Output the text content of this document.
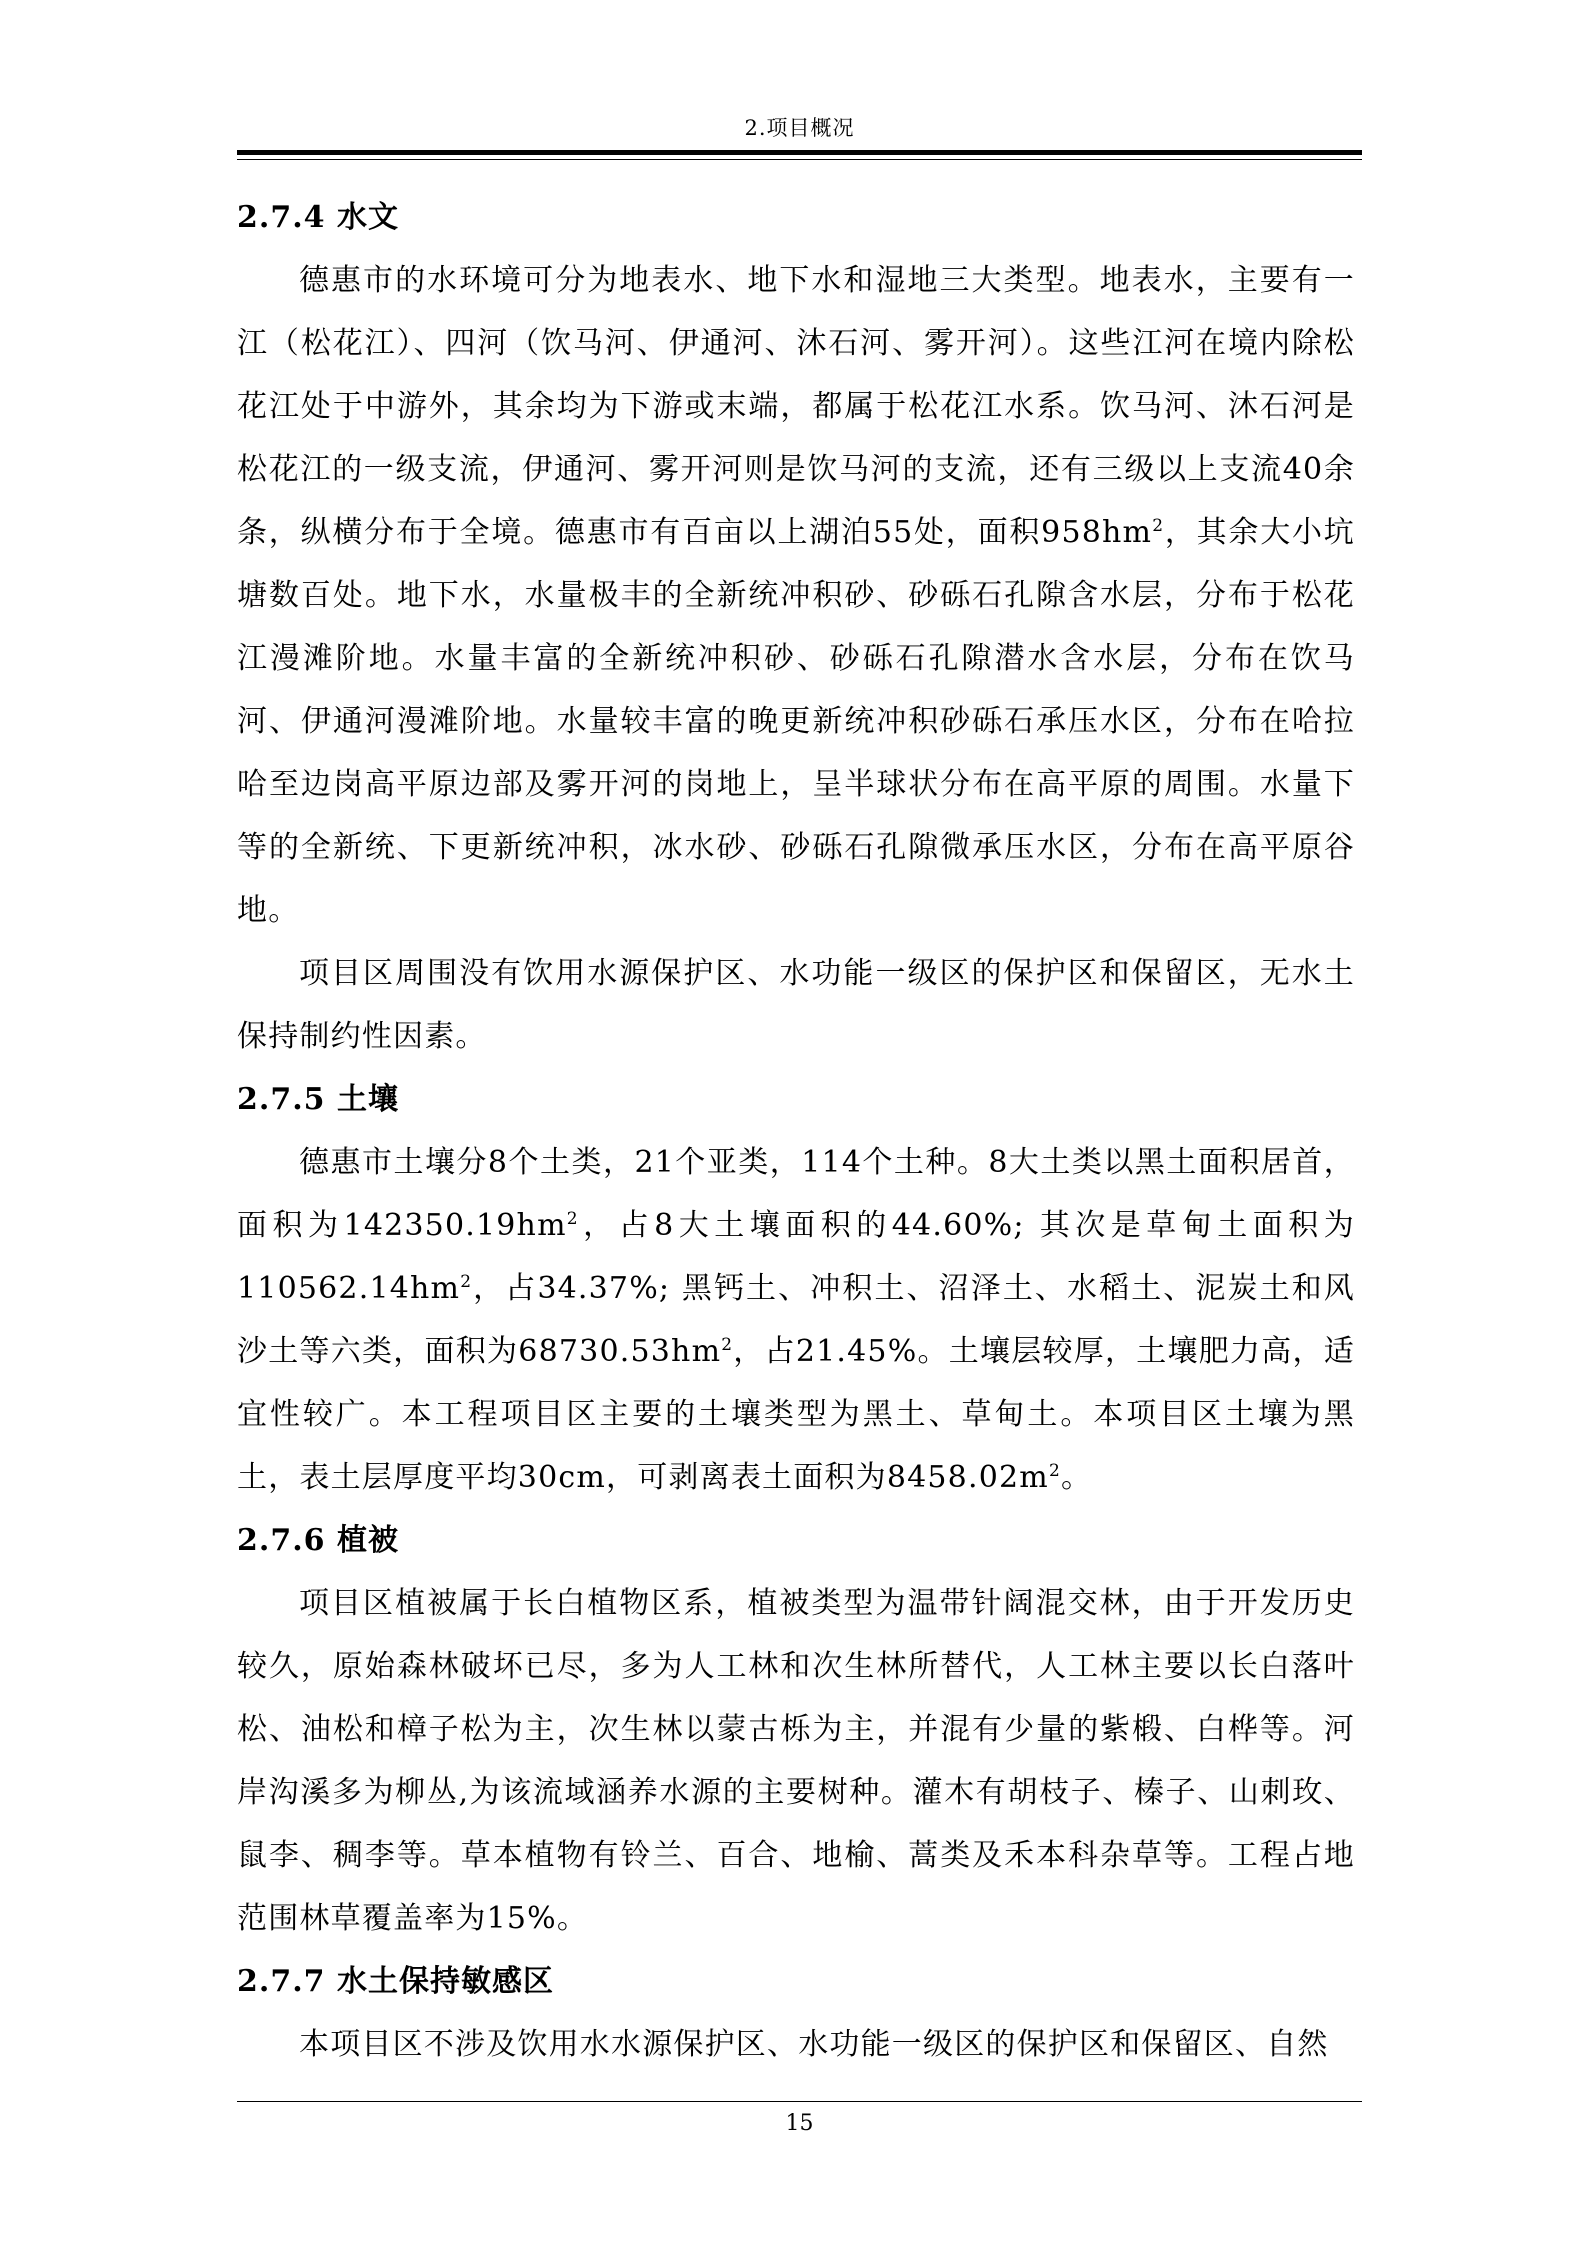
2.项目概况
2.7.4 水文

德惠市的水环境可分为地表水、地下水和湿地三大类型。地表水，主要有一江（松花江）、四河（饮马河、伊通河、沐石河、雾开河）。这些江河在境内除松花江处于中游外，其余均为下游或末端，都属于松花江水系。饮马河、沐石河是松花江的一级支流，伊通河、雾开河则是饮马河的支流，还有三级以上支流40余条，纵横分布于全境。德惠市有百亩以上湖泊55处，面积$958hm^2$，其余大小坑塘数百处。地下水，水量极丰的全新统冲积砂、砂砾石孔隙含水层，分布于松花江漫滩阶地。水量丰富的全新统冲积砂、砂砾石孔隙潜水含水层，分布在饮马河、伊通河漫滩阶地。水量较丰富的晚更新统冲积砂砾石承压水区，分布在哈拉哈至边岗高平原边部及雾开河的岗地上，呈半球状分布在高平原的周围。水量下等的全新统、下更新统冲积，冰水砂、砂砾石孔隙微承压水区，分布在高平原谷地。

项目区周围没有饮用水源保护区、水功能一级区的保护区和保留区，无水土保持制约性因素。

2.7.5 土壤

德惠市土壤分8个土类，21个亚类，114个土种。8大土类以黑土面积居首，面积为$142350.19hm^2$，占8大土壤面积的44.60%; 其次是草甸土面积为$110562.14hm^2$，占34.37%; 黑钙土、冲积土、沼泽土、水稻土、泥炭土和风沙土等六类，面积为$68730.53hm^2$，占21.45%。土壤层较厚，土壤肥力高，适宜性较广。本工程项目区主要的土壤类型为黑土、草甸土。本项目区土壤为黑土，表土层厚度平均30cm，可剥离表土面积为$8458.02m^2$。

2.7.6 植被

项目区植被属于长白植物区系，植被类型为温带针阔混交林，由于开发历史较久，原始森林破坏已尽，多为人工林和次生林所替代，人工林主要以长白落叶松、油松和樟子松为主，次生林以蒙古栎为主，并混有少量的紫椴、白桦等。河岸沟溪多为柳丛,为该流域涵养水源的主要树种。灌木有胡枝子、榛子、山刺玫、鼠李、稠李等。草本植物有铃兰、百合、地榆、蒿类及禾本科杂草等。工程占地范围林草覆盖率为15%。

2.7.7 水土保持敏感区

本项目区不涉及饮用水水源保护区、水功能一级区的保护区和保留区、自然

15
